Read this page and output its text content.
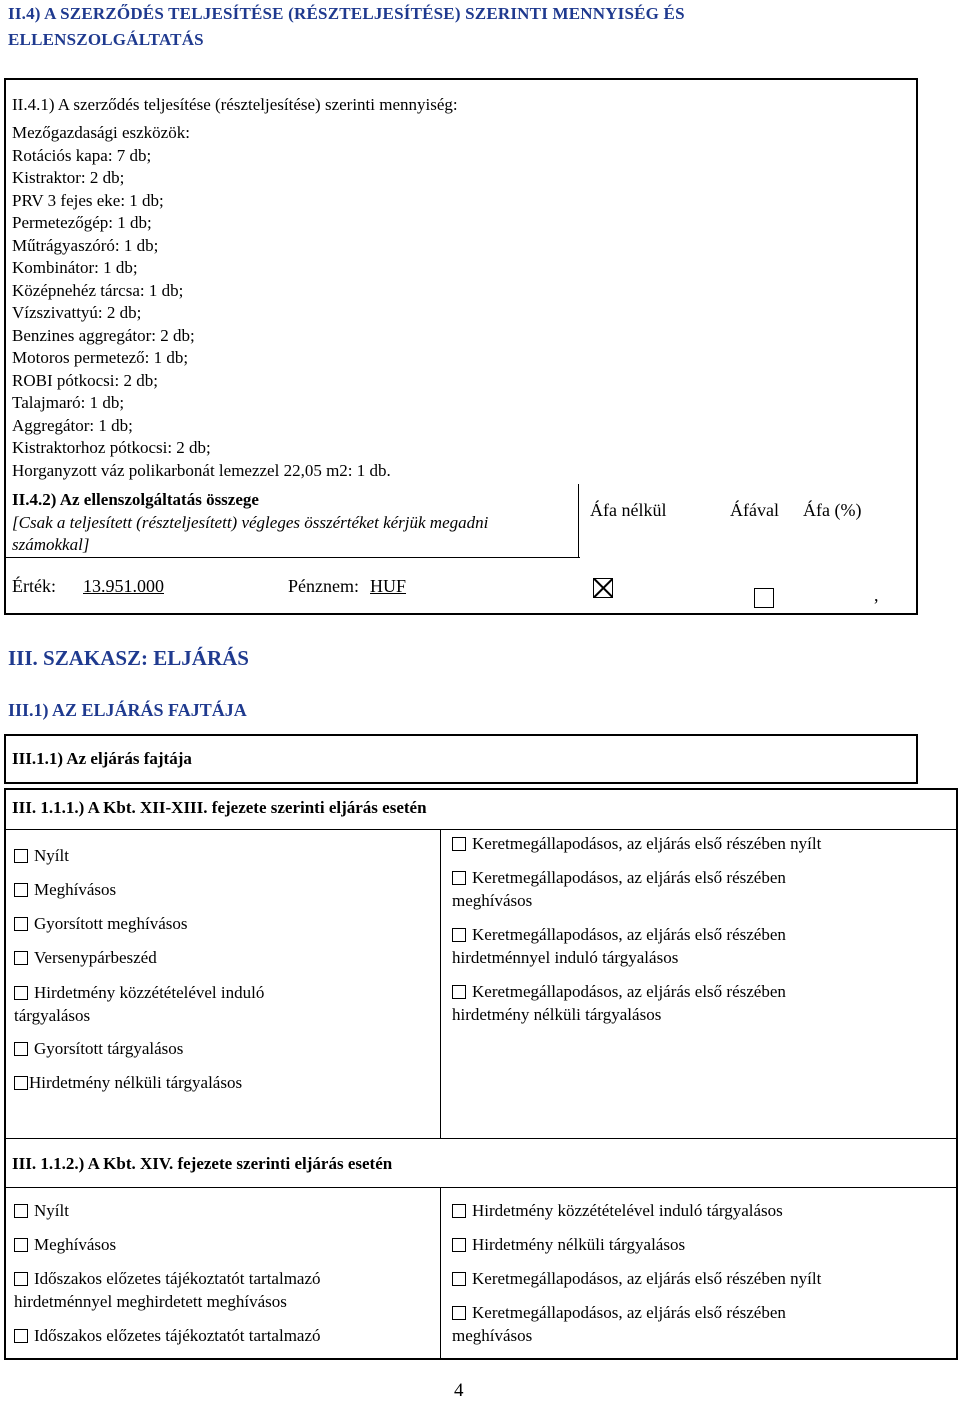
II.4) A SZERZŐDÉS TELJESÍTÉSE (RÉSZTELJESÍTÉSE) SZERINTI MENNYISÉG ÉS
ELLENSZOLGÁLTATÁS
II.4.1) A szerződés teljesítése (részteljesítése) szerinti mennyiség:
Mezőgazdasági eszközök:
Rotációs kapa: 7 db;
Kistraktor: 2 db;
PRV 3 fejes eke: 1 db;
Permetezőgép: 1 db;
Műtrágyaszóró: 1 db;
Kombinátor: 1 db;
Középnehéz tárcsa: 1 db;
Vízszivattyú: 2 db;
Benzines aggregátor: 2 db;
Motoros permetező: 1 db;
ROBI pótkocsi: 2 db;
Talajmaró: 1 db;
Aggregátor: 1 db;
Kistraktorhoz pótkocsi: 2 db;
Horganyzott váz polikarbonát lemezzel 22,05 m2: 1 db.
II.4.2) Az ellenszolgáltatás összege
[Csak a teljesített (részteljesített) végleges összértéket kérjük megadni
számokkal]
Áfa nélkül	Áfával Áfa (%)
Érték: 13.951.000	Pénznem: HUF
	,
III. SZAKASZ: ELJÁRÁS
III.1) AZ ELJÁRÁS FAJTÁJA
III.1.1) Az eljárás fajtája
III. 1.1.1.) A Kbt. XII-XIII. fejezete szerinti eljárás esetén
Nyílt
Meghívásos
Gyorsított meghívásos
Versenypárbeszéd
Hirdetmény közzétételével induló
tárgyalásos
Gyorsított tárgyalásos
Hirdetmény nélküli tárgyalásos
Keretmegállapodásos, az eljárás első részében nyílt
Keretmegállapodásos, az eljárás első részében
meghívásos
Keretmegállapodásos, az eljárás első részében
hirdetménnyel induló tárgyalásos
Keretmegállapodásos, az eljárás első részében
hirdetmény nélküli tárgyalásos
III. 1.1.2.) A Kbt. XIV. fejezete szerinti eljárás esetén
Nyílt
Meghívásos
Időszakos előzetes tájékoztatót tartalmazó
hirdetménnyel meghirdetett meghívásos
Időszakos előzetes tájékoztatót tartalmazó
Hirdetmény közzétételével induló tárgyalásos
Hirdetmény nélküli tárgyalásos
Keretmegállapodásos, az eljárás első részében nyílt
Keretmegállapodásos, az eljárás első részében
meghívásos
4
